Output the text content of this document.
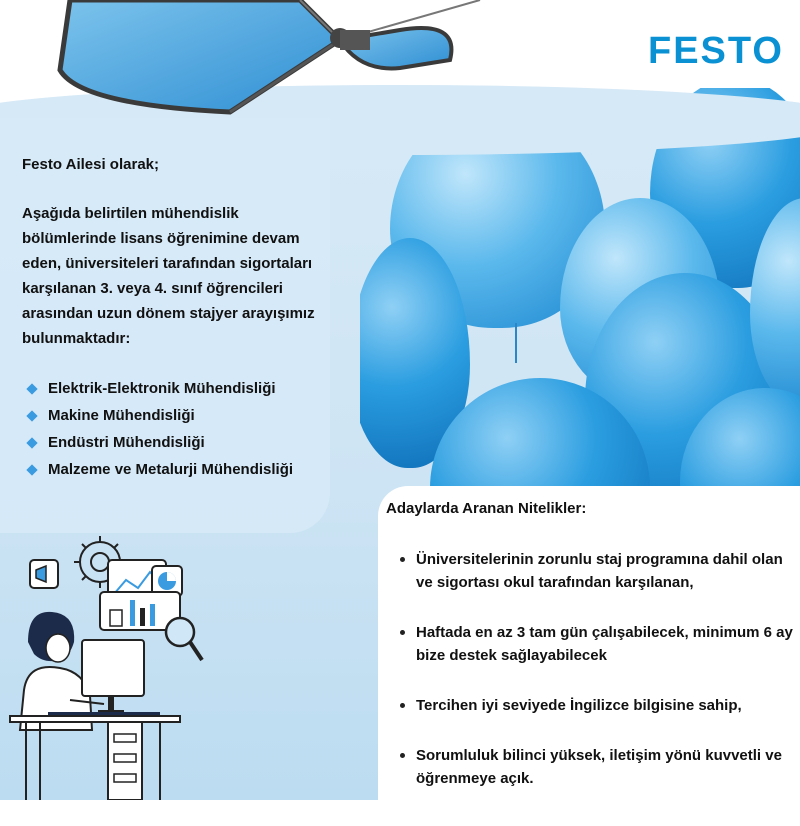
FESTO

Festo Ailesi olarak;

Aşağıda belirtilen mühendislik bölümlerinde lisans öğrenimine devam eden, üniversiteleri tarafından sigortaları karşılanan 3. veya 4. sınıf öğrencileri arasından uzun dönem stajyer arayışımız bulunmaktadır:

Elektrik-Elektronik Mühendisliği
Makine Mühendisliği
Endüstri Mühendisliği
Malzeme ve Metalurji Mühendisliği
Adaylarda Aranan Nitelikler:
Üniversitelerinin zorunlu staj programına dahil olan ve sigortası okul tarafından karşılanan,
Haftada en az 3 tam gün çalışabilecek, minimum 6 ay bize destek sağlayabilecek
Tercihen iyi seviyede İngilizce bilgisine sahip,
Sorumluluk bilinci yüksek, iletişim yönü kuvvetli ve öğrenmeye açık.
